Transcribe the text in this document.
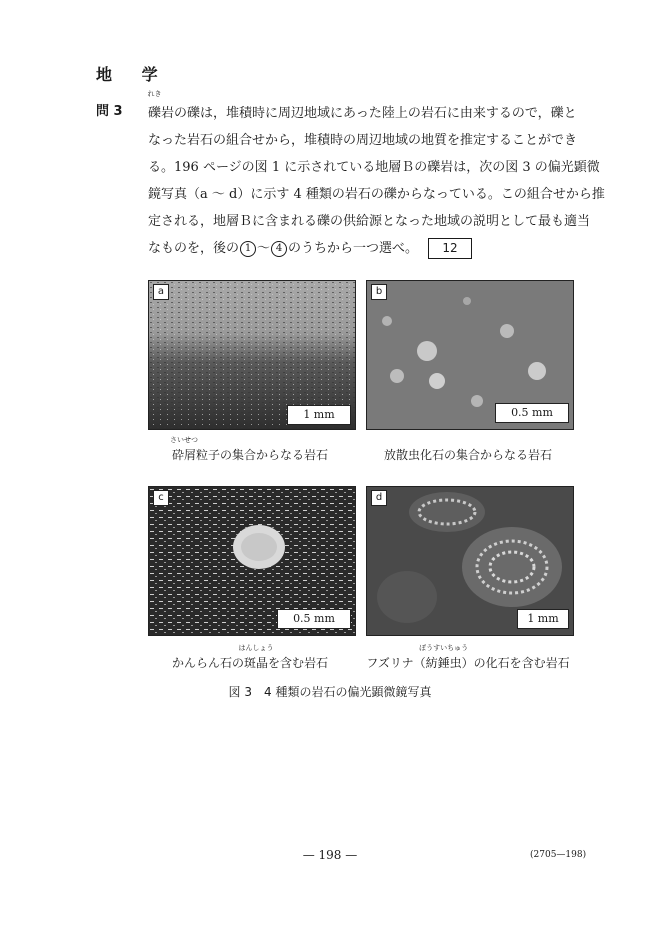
地 学
問 3 礫
れき
岩の礫は，堆積時に周辺地域にあった陸上の岩石に由来するので，礫と
なった岩石の組合せから，堆積時の周辺地域の地質を推定することができ
る。196 ページの図 1 に示されている地層Ｂの礫岩は，次の図 3 の偏光顕微
鏡写真（a ～ d）に示す 4 種類の岩石の礫からなっている。この組合せから推
定される，地層Ｂに含まれる礫の供給源となった地域の説明として最も適当
なものを，後の 1 ～ 4 のうちから一つ選べ。 12
a
1 mm
b
0.5 mm
砕屑
さいせつ
粒子の集合からなる岩石	放散虫化石の集合からなる岩石
c
0.5 mm
d
1 mm
かんらん石の斑晶
はんしょう
を含む岩石	フズリナ（紡錘虫
ぼうすいちゅう
）の化石を含む岩石
図 3　4 種類の岩石の偏光顕微鏡写真
— 198 —	(2705—198)
